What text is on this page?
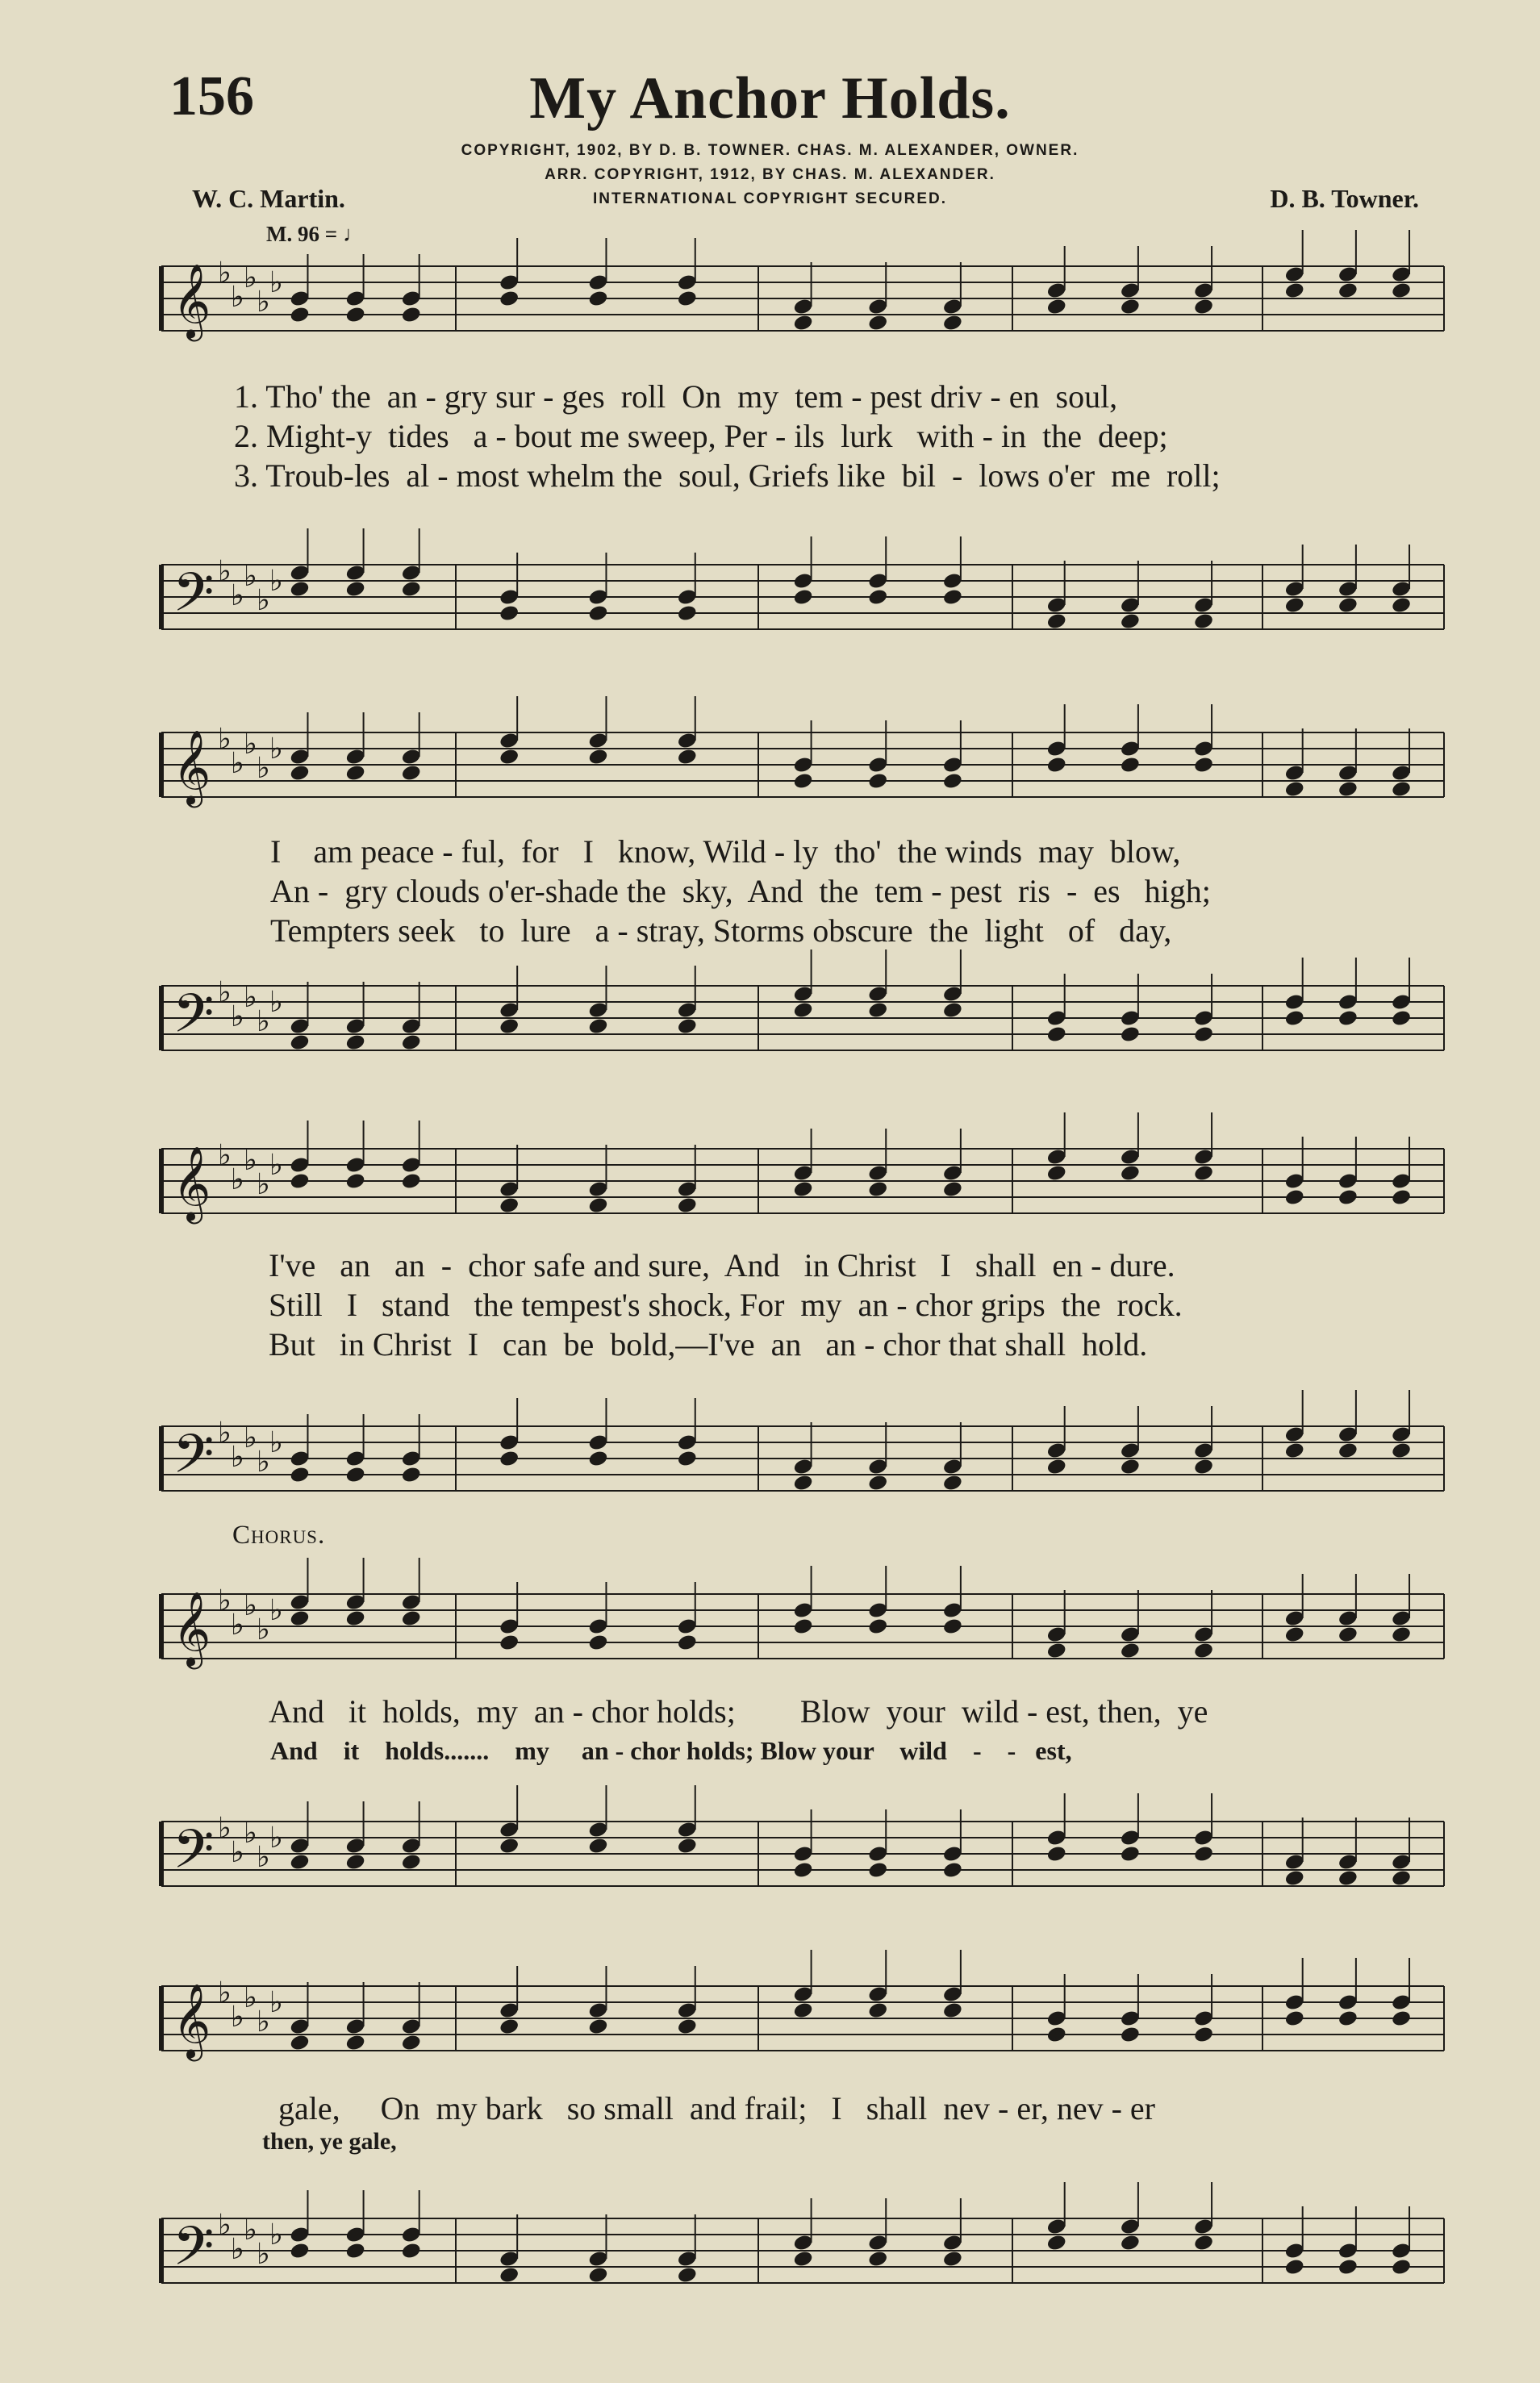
156	My Anchor Holds.
COPYRIGHT, 1902, BY D. B. TOWNER. CHAS. M. ALEXANDER, OWNER.
ARR. COPYRIGHT, 1912, BY CHAS. M. ALEXANDER.
INTERNATIONAL COPYRIGHT SECURED.
W. C. Martin.	D. B. Towner.
M. 96 = ♩
𝄞 ♭
♭
♭
♭
♭
1. Tho' the  an - gry sur - ges  roll  On  my  tem - pest driv - en  soul,
2. Might-y  tides   a - bout me sweep, Per - ils  lurk   with - in  the  deep;
3. Troub-les  al - most whelm the  soul, Griefs like  bil  -  lows o'er  me  roll;
𝄢 ♭
♭
♭
♭
♭
𝄞 ♭
♭
♭
♭
♭
I    am peace - ful,  for   I   know, Wild - ly  tho'  the winds  may  blow,
An -  gry clouds o'er-shade the  sky,  And  the  tem - pest  ris  -  es   high;
Tempters seek   to  lure   a - stray, Storms obscure  the  light   of   day,
𝄢 ♭
♭
♭
♭
♭
𝄞 ♭
♭
♭
♭
♭
I've   an   an  -  chor safe and sure,  And   in Christ   I   shall  en - dure.
Still   I   stand   the tempest's shock, For  my  an - chor grips  the  rock.
But   in Christ  I   can  be  bold,—I've  an   an - chor that shall  hold.
𝄢 ♭
♭
♭
♭
♭
Chorus.
𝄞 ♭
♭
♭
♭
♭
And   it  holds,  my  an - chor holds;        Blow  your  wild - est, then,  ye
And    it    holds.......    my     an - chor holds; Blow your    wild    -    -   est,
𝄢 ♭
♭
♭
♭
♭
𝄞 ♭
♭
♭
♭
♭
gale,     On  my bark   so small  and frail;   I   shall  nev - er, nev - er
then, ye gale,
𝄢 ♭
♭
♭
♭
♭
